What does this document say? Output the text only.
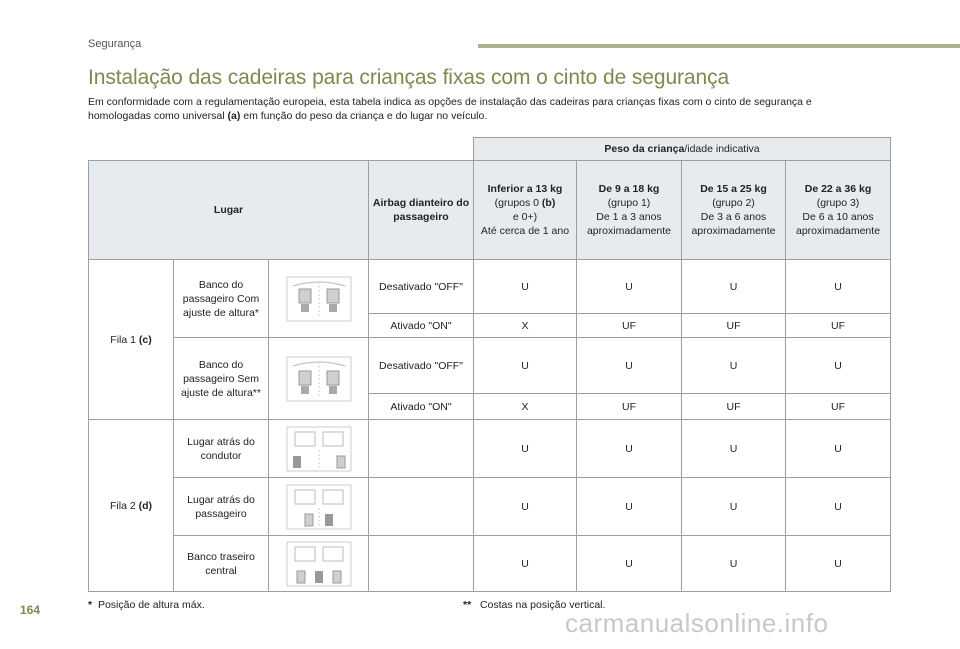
Segurança
Instalação das cadeiras para crianças fixas com o cinto de segurança
Em conformidade com a regulamentação europeia, esta tabela indica as opções de instalação das cadeiras para crianças fixas com o cinto de segurança e homologadas como universal (a) em função do peso da criança e do lugar no veículo.
				Peso da criança/idade indicativa			
Lugar			Airbag dianteiro do passageiro	Inferior a 13 kg
(grupos 0 (b)
e 0+)
Até cerca de 1 ano	De 9 a 18 kg
(grupo 1)
De 1 a 3 anos aproximadamente	De 15 a 25 kg
(grupo 2)
De 3 a 6 anos aproximadamente	De 22 a 36 kg
(grupo 3)
De 6 a 10 anos aproximadamente
Fila 1 (c)	Banco do passageiro Com ajuste de altura*		Desativado "OFF"	U	U	U	U
			Ativado "ON"	X	UF	UF	UF
	Banco do passageiro Sem ajuste de altura**		Desativado "OFF"	U	U	U	U
			Ativado "ON"	X	UF	UF	UF
Fila 2 (d)	Lugar atrás do condutor			U	U	U	U
	Lugar atrás do passageiro			U	U	U	U
	Banco traseiro central			U	U	U	U
* Posição de altura máx.	** Costas na posição vertical.
164	carmanualsonline.info
